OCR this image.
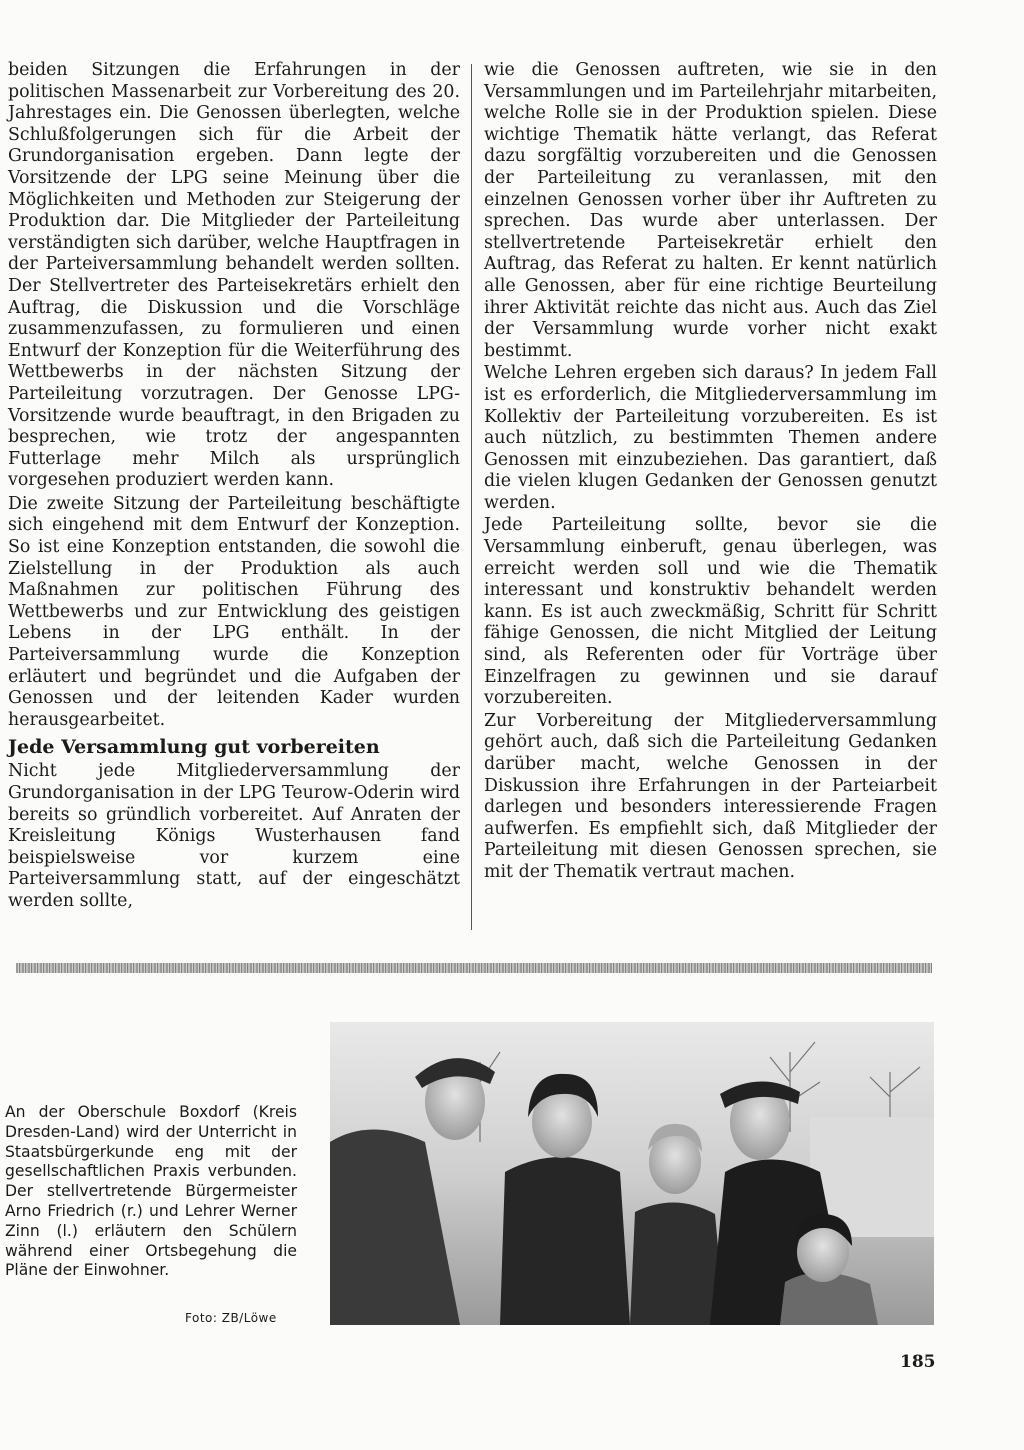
beiden Sitzungen die Erfahrungen in der politischen Massenarbeit zur Vorbereitung des 20. Jahrestages ein. Die Genossen überlegten, welche Schlußfolgerungen sich für die Arbeit der Grundorganisation ergeben. Dann legte der Vorsitzende der LPG seine Meinung über die Möglichkeiten und Methoden zur Steigerung der Produktion dar. Die Mitglieder der Parteileitung verständigten sich darüber, welche Hauptfragen in der Parteiversammlung behandelt werden sollten. Der Stellvertreter des Parteisekretärs erhielt den Auftrag, die Diskussion und die Vorschläge zusammenzufassen, zu formulieren und einen Entwurf der Konzeption für die Weiterführung des Wettbewerbs in der nächsten Sitzung der Parteileitung vorzutragen. Der Genosse LPG-Vorsitzende wurde beauftragt, in den Brigaden zu besprechen, wie trotz der angespannten Futterlage mehr Milch als ursprünglich vorgesehen produziert werden kann.

Die zweite Sitzung der Parteileitung beschäftigte sich eingehend mit dem Entwurf der Konzeption. So ist eine Konzeption entstanden, die sowohl die Zielstellung in der Produktion als auch Maßnahmen zur politischen Führung des Wettbewerbs und zur Entwicklung des geistigen Lebens in der LPG enthält. In der Parteiversammlung wurde die Konzeption erläutert und begründet und die Aufgaben der Genossen und der leitenden Kader wurden herausgearbeitet.

Jede Versammlung gut vorbereiten

Nicht jede Mitgliederversammlung der Grundorganisation in der LPG Teurow-Oderin wird bereits so gründlich vorbereitet. Auf Anraten der Kreisleitung Königs Wusterhausen fand beispielsweise vor kurzem eine Parteiversammlung statt, auf der eingeschätzt werden sollte,

wie die Genossen auftreten, wie sie in den Versammlungen und im Parteilehrjahr mitarbeiten, welche Rolle sie in der Produktion spielen. Diese wichtige Thematik hätte verlangt, das Referat dazu sorgfältig vorzubereiten und die Genossen der Parteileitung zu veranlassen, mit den einzelnen Genossen vorher über ihr Auftreten zu sprechen. Das wurde aber unterlassen. Der stellvertretende Parteisekretär erhielt den Auftrag, das Referat zu halten. Er kennt natürlich alle Genossen, aber für eine richtige Beurteilung ihrer Aktivität reichte das nicht aus. Auch das Ziel der Versammlung wurde vorher nicht exakt bestimmt.

Welche Lehren ergeben sich daraus? In jedem Fall ist es erforderlich, die Mitgliederversammlung im Kollektiv der Parteileitung vorzubereiten. Es ist auch nützlich, zu bestimmten Themen andere Genossen mit einzubeziehen. Das garantiert, daß die vielen klugen Gedanken der Genossen genutzt werden.

Jede Parteileitung sollte, bevor sie die Versammlung einberuft, genau überlegen, was erreicht werden soll und wie die Thematik interessant und konstruktiv behandelt werden kann. Es ist auch zweckmäßig, Schritt für Schritt fähige Genossen, die nicht Mitglied der Leitung sind, als Referenten oder für Vorträge über Einzelfragen zu gewinnen und sie darauf vorzubereiten.

Zur Vorbereitung der Mitgliederversammlung gehört auch, daß sich die Parteileitung Gedanken darüber macht, welche Genossen in der Diskussion ihre Erfahrungen in der Parteiarbeit darlegen und besonders interessierende Fragen aufwerfen. Es empfiehlt sich, daß Mitglieder der Parteileitung mit diesen Genossen sprechen, sie mit der Thematik vertraut machen.

An der Oberschule Boxdorf (Kreis Dresden-Land) wird der Unterricht in Staatsbürgerkunde eng mit der gesellschaftlichen Praxis verbunden. Der stellvertretende Bürgermeister Arno Friedrich (r.) und Lehrer Werner Zinn (l.) erläutern den Schülern während einer Ortsbegehung die Pläne der Einwohner.
Foto: ZB/Löwe
185
